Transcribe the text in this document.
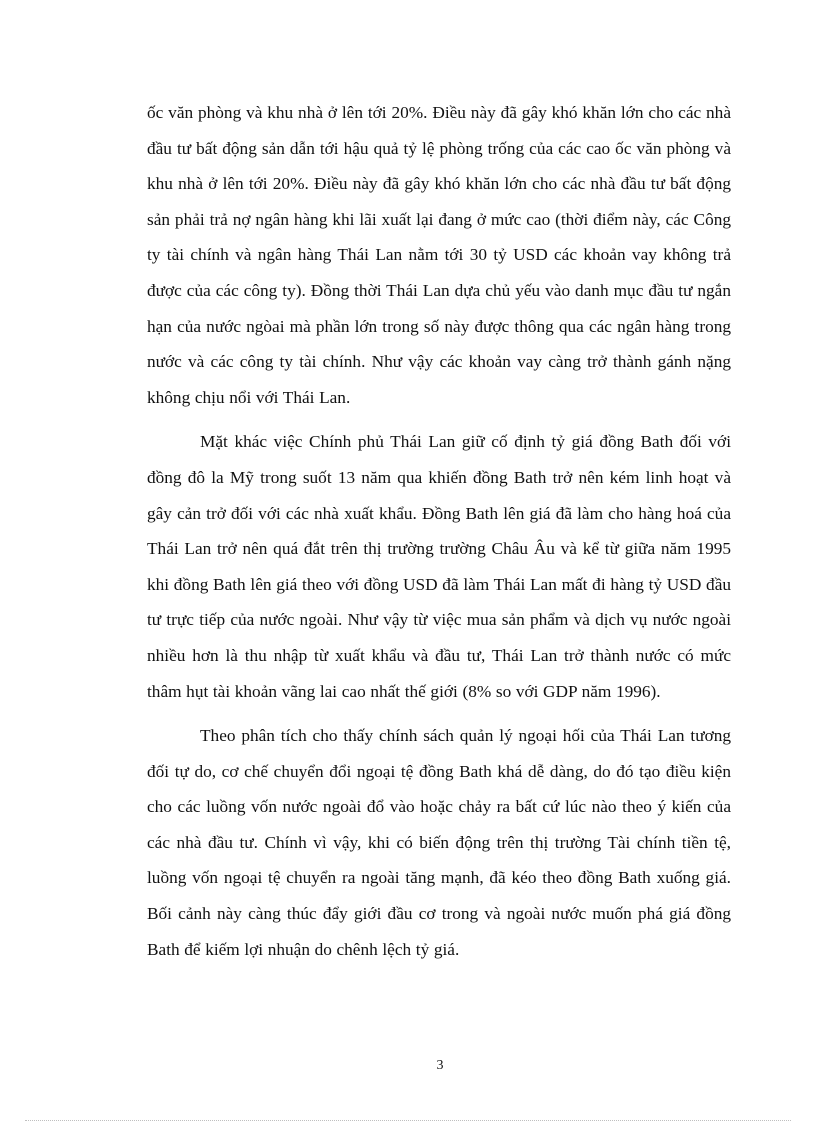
ốc văn phòng và khu nhà ở lên tới 20%. Điều này đã gây khó khăn lớn cho các nhà đầu tư bất động sản dẫn tới hậu quả tỷ lệ phòng trống của các cao ốc văn phòng và khu nhà ở lên tới 20%. Điều này đã gây khó khăn lớn cho các nhà đầu tư bất động sản phải trả nợ ngân hàng khi lãi xuất lại đang ở mức cao (thời điểm này, các Công ty tài chính và ngân hàng Thái Lan nằm tới 30 tỷ USD các khoản vay không trả được của các công ty). Đồng thời Thái Lan dựa chủ yếu vào danh mục đầu tư ngắn hạn của nước ngòai mà phần lớn trong số này được thông qua các ngân hàng trong nước và các công ty tài chính. Như vậy các khoản vay càng trở thành gánh nặng không chịu nổi với Thái Lan.

Mặt khác việc Chính phủ Thái Lan giữ cố định tỷ giá đồng Bath đối với đồng đô la Mỹ trong suốt 13 năm qua khiến đồng Bath trở nên kém linh hoạt và gây cản trở đối với các nhà xuất khẩu. Đồng Bath lên giá đã làm cho hàng hoá của Thái Lan trở nên quá đắt trên thị trường trường Châu Âu và kể từ giữa năm 1995 khi đồng Bath lên giá theo với đồng USD đã làm Thái Lan mất đi hàng tỷ USD đầu tư trực tiếp của nước ngoài. Như vậy từ việc mua sản phẩm và dịch vụ nước ngoài nhiều hơn là thu nhập từ xuất khẩu và đầu tư, Thái Lan trở thành nước có mức thâm hụt tài khoản vãng lai cao nhất thế giới (8% so với GDP năm 1996).

Theo phân tích cho thấy chính sách quản lý ngoại hối của Thái Lan tương đối tự do, cơ chế chuyển đổi ngoại tệ đồng Bath khá dễ dàng, do đó tạo điều kiện cho các luồng vốn nước ngoài đổ vào hoặc chảy ra bất cứ lúc nào theo ý kiến của các nhà đầu tư. Chính vì vậy, khi có biến động trên thị trường Tài chính tiền tệ, luồng vốn ngoại tệ chuyển ra ngoài tăng mạnh, đã kéo theo đồng Bath xuống giá. Bối cảnh này càng thúc đẩy giới đầu cơ trong và ngoài nước muốn phá giá đồng Bath để kiếm lợi nhuận do chênh lệch tỷ giá.

3
